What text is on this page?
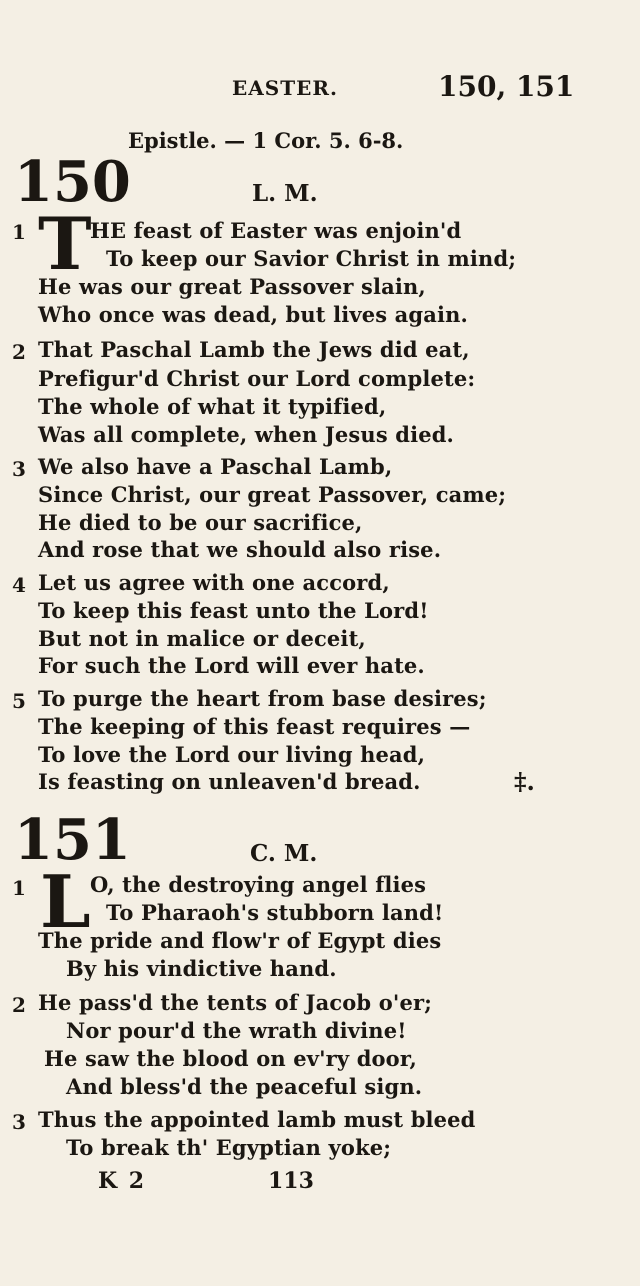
EASTER.	150, 151
Epistle. — 1 Cor. 5. 6-8.
150	L. M.
1 T
HE feast of Easter was enjoin'd
To keep our Savior Christ in mind;
He was our great Passover slain,
Who once was dead, but lives again.
2 That Paschal Lamb the Jews did eat,
Prefigur'd Christ our Lord complete:
The whole of what it typified,
Was all complete, when Jesus died.
3 We also have a Paschal Lamb,
Since Christ, our great Passover, came;
He died to be our sacrifice,
And rose that we should also rise.
4 Let us agree with one accord,
To keep this feast unto the Lord!
But not in malice or deceit,
For such the Lord will ever hate.
5 To purge the heart from base desires;
The keeping of this feast requires —
To love the Lord our living head,
Is feasting on unleaven'd bread.	‡.
151	C. M.
1 L O, the destroying angel flies
To Pharaoh's stubborn land!
The pride and flow'r of Egypt dies
By his vindictive hand.
2 He pass'd the tents of Jacob o'er;
Nor pour'd the wrath divine!
He saw the blood on ev'ry door,
And bless'd the peaceful sign.
3 Thus the appointed lamb must bleed
To break th' Egyptian yoke;
K 2	113
